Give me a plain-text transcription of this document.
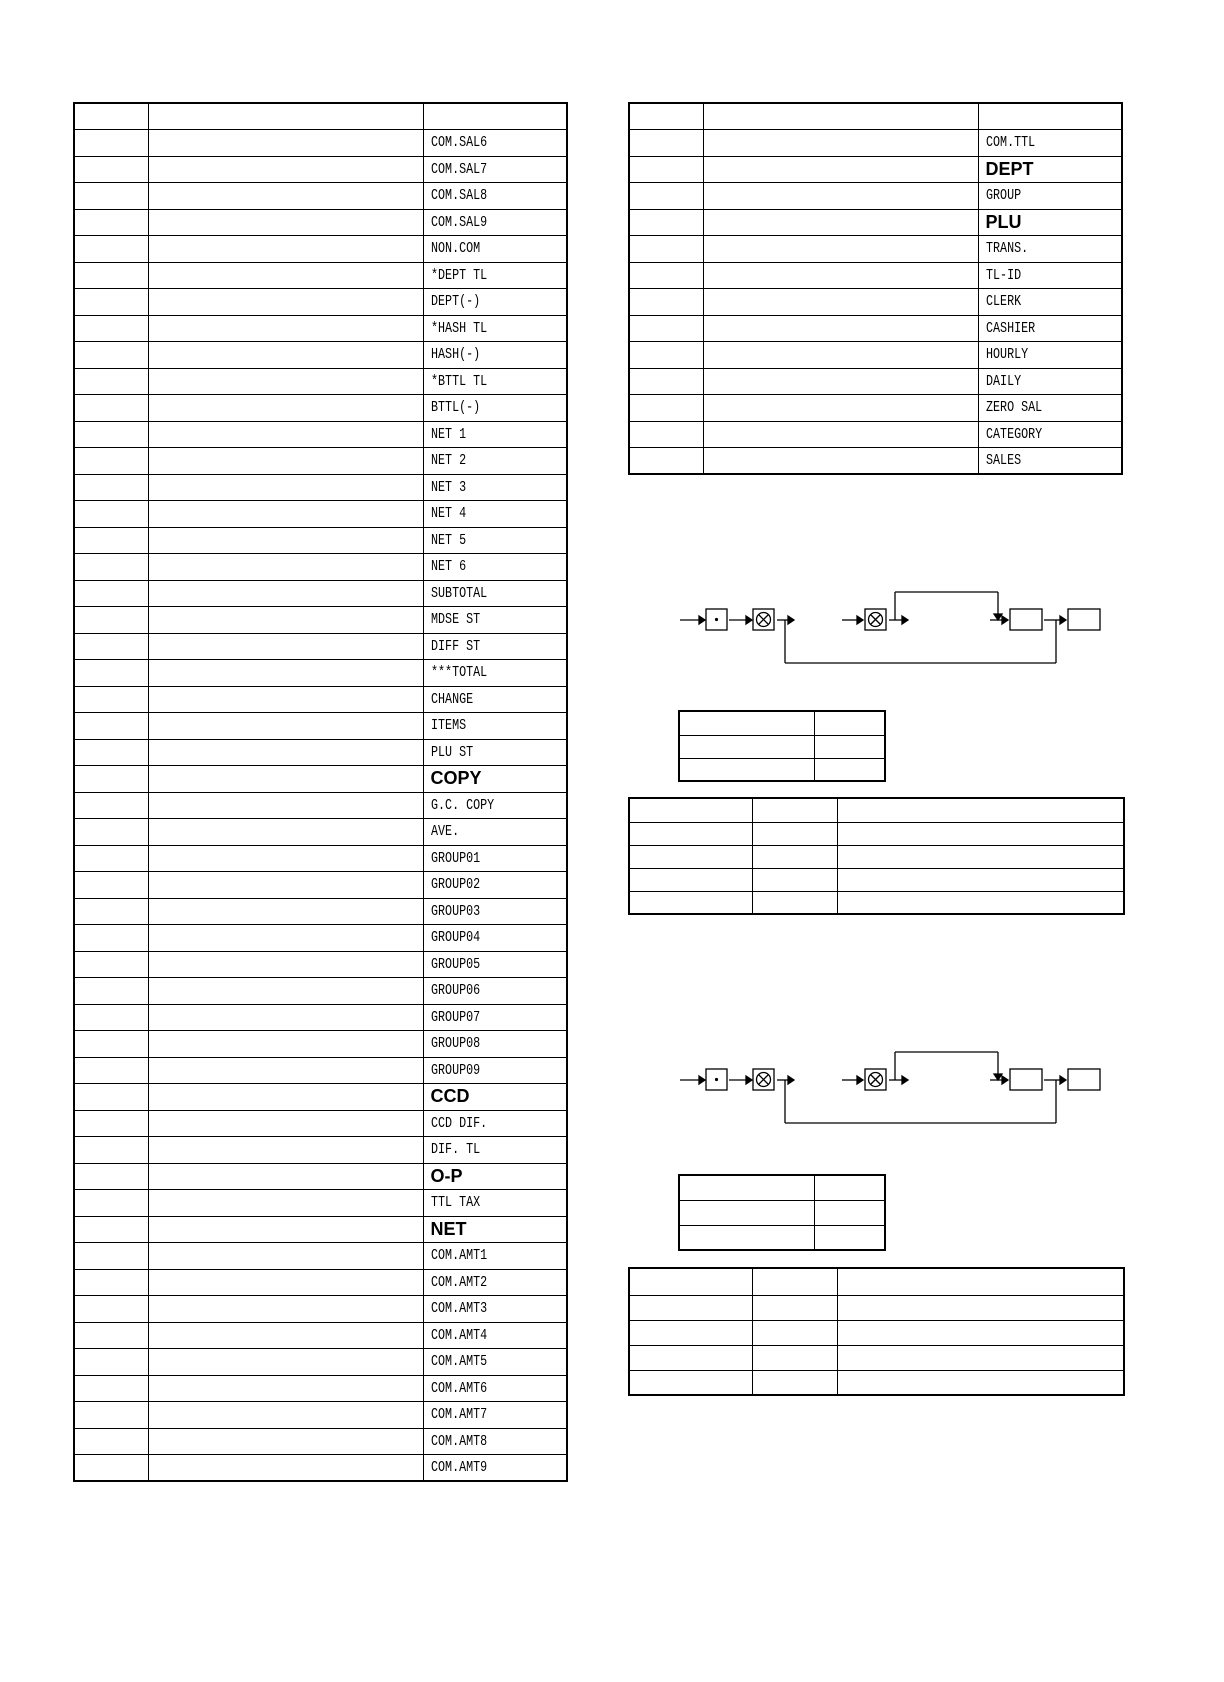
		COM.SAL6
		COM.SAL7
		COM.SAL8
		COM.SAL9
		NON.COM
		*DEPT TL
		DEPT(-)
		*HASH TL
		HASH(-)
		*BTTL TL
		BTTL(-)
		NET 1
		NET 2
		NET 3
		NET 4
		NET 5
		NET 6
		SUBTOTAL
		MDSE ST
		DIFF ST
		***TOTAL
		CHANGE
		ITEMS
		PLU ST
		COPY
		G.C. COPY
		AVE.
		GROUP01
		GROUP02
		GROUP03
		GROUP04
		GROUP05
		GROUP06
		GROUP07
		GROUP08
		GROUP09
		CCD
		CCD DIF.
		DIF. TL
		O-P
		TTL TAX
		NET
		COM.AMT1
		COM.AMT2
		COM.AMT3
		COM.AMT4
		COM.AMT5
		COM.AMT6
		COM.AMT7
		COM.AMT8
		COM.AMT9

		COM.TTL
		DEPT
		GROUP
		PLU
		TRANS.
		TL-ID
		CLERK
		CASHIER
		HOURLY
		DAILY
		ZERO SAL
		CATEGORY
		SALES
